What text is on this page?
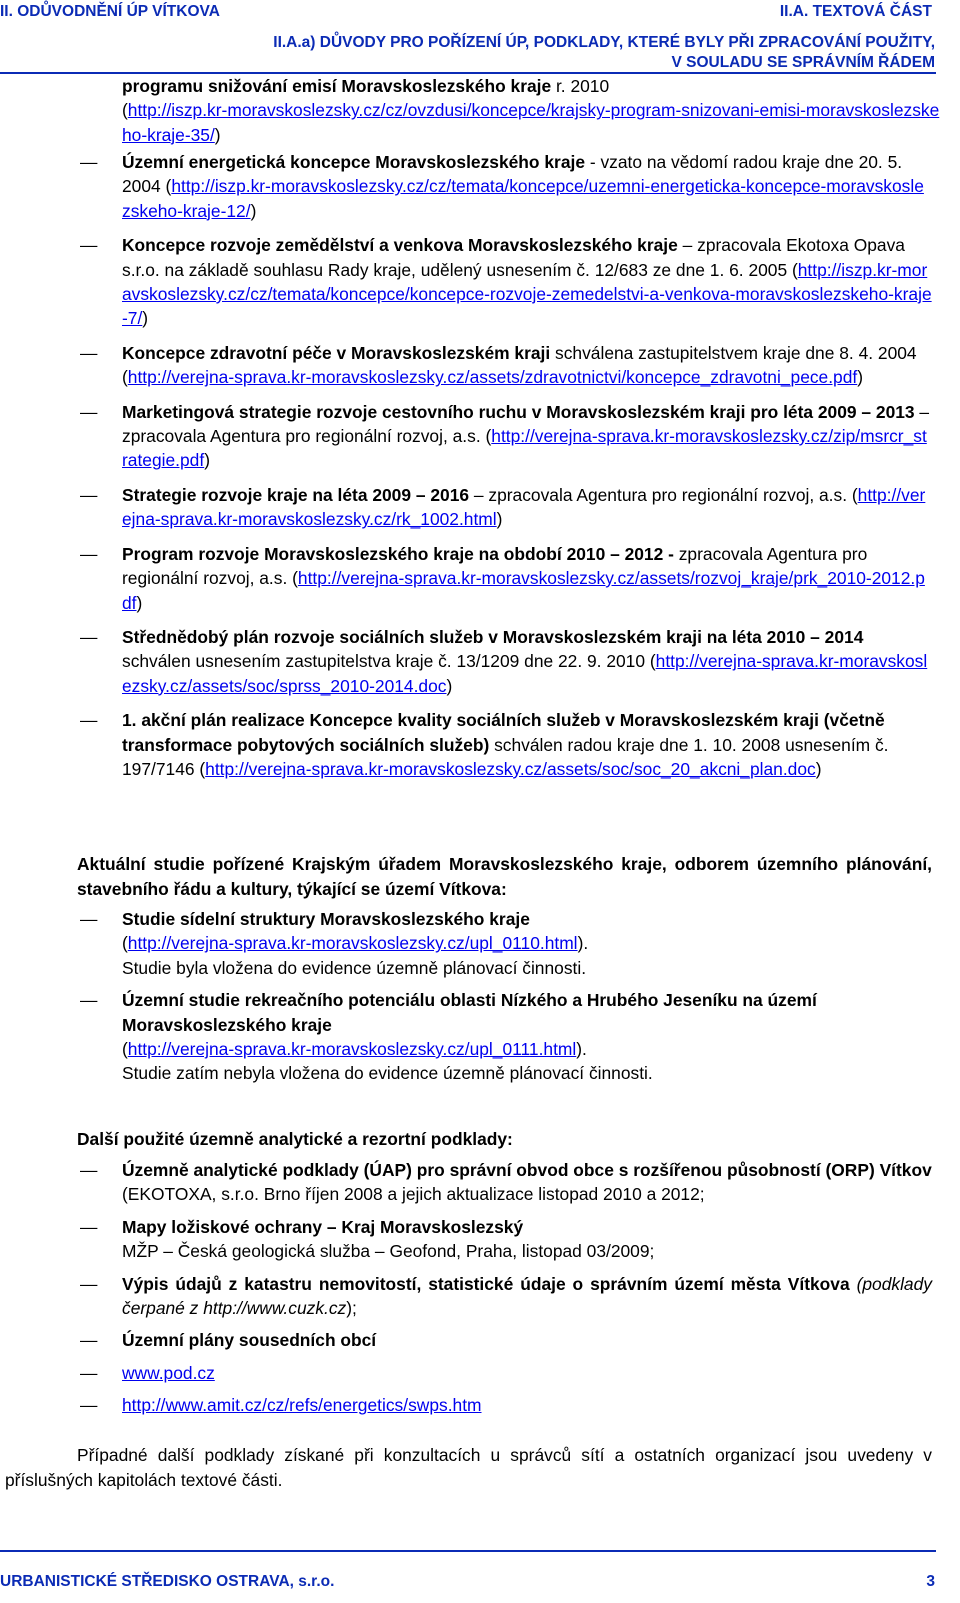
II. ODŮVODNĚNÍ ÚP VÍTKOVA	II.A. TEXTOVÁ ČÁST
II.A.a) DŮVODY PRO POŘÍZENÍ ÚP, PODKLADY, KTERÉ BYLY PŘI ZPRACOVÁNÍ POUŽITY,
V SOULADU SE SPRÁVNÍM ŘÁDEM
programu snižování emisí Moravskoslezského kraje r. 2010
(http://iszp.kr-moravskoslezsky.cz/cz/ovzdusi/koncepce/krajsky-program-snizovani-emisi-moravskoslezskeho-kraje-35/)
—	Územní energetická koncepce Moravskoslezského kraje - vzato na vědomí radou kraje dne 20. 5. 2004 (http://iszp.kr-moravskoslezsky.cz/cz/temata/koncepce/uzemni-energeticka-koncepce-moravskoslezskeho-kraje-12/)
—	Koncepce rozvoje zemědělství a venkova Moravskoslezského kraje – zpracovala Ekotoxa Opava s.r.o. na základě souhlasu Rady kraje, udělený usnesením č. 12/683 ze dne 1. 6. 2005 (http://iszp.kr-moravskoslezsky.cz/cz/temata/koncepce/koncepce-rozvoje-zemedelstvi-a-venkova-moravskoslezskeho-kraje-7/)
—	Koncepce zdravotní péče v Moravskoslezském kraji schválena zastupitelstvem kraje dne 8. 4. 2004 (http://verejna-sprava.kr-moravskoslezsky.cz/assets/zdravotnictvi/koncepce_zdravotni_pece.pdf)
—	Marketingová strategie rozvoje cestovního ruchu v Moravskoslezském kraji pro léta 2009 – 2013 – zpracovala Agentura pro regionální rozvoj, a.s. (http://verejna-sprava.kr-moravskoslezsky.cz/zip/msrcr_strategie.pdf)
—	Strategie rozvoje kraje na léta 2009 – 2016 – zpracovala Agentura pro regionální rozvoj, a.s. (http://verejna-sprava.kr-moravskoslezsky.cz/rk_1002.html)
—	Program rozvoje Moravskoslezského kraje na období 2010 – 2012 - zpracovala Agentura pro regionální rozvoj, a.s. (http://verejna-sprava.kr-moravskoslezsky.cz/assets/rozvoj_kraje/prk_2010-2012.pdf)
—	Střednědobý plán rozvoje sociálních služeb v Moravskoslezském kraji na léta 2010 – 2014 schválen usnesením zastupitelstva kraje č. 13/1209 dne 22. 9. 2010 (http://verejna-sprava.kr-moravskoslezsky.cz/assets/soc/sprss_2010-2014.doc)
—	1. akční plán realizace Koncepce kvality sociálních služeb v Moravskoslezském kraji (včetně transformace pobytových sociálních služeb) schválen radou kraje dne 1. 10. 2008 usnesením č. 197/7146 (http://verejna-sprava.kr-moravskoslezsky.cz/assets/soc/soc_20_akcni_plan.doc)
Aktuální studie pořízené Krajským úřadem Moravskoslezského kraje, odborem územního plánování, stavebního řádu a kultury, týkající se území Vítkova:
—	Studie sídelní struktury Moravskoslezského kraje
(http://verejna-sprava.kr-moravskoslezsky.cz/upl_0110.html).
Studie byla vložena do evidence územně plánovací činnosti.
—	Územní studie rekreačního potenciálu oblasti Nízkého a Hrubého Jeseníku na území Moravskoslezského kraje
(http://verejna-sprava.kr-moravskoslezsky.cz/upl_0111.html).
Studie zatím nebyla vložena do evidence územně plánovací činnosti.
Další použité územně analytické a rezortní podklady:
—	Územně analytické podklady (ÚAP) pro správní obvod obce s rozšířenou působností (ORP) Vítkov (EKOTOXA, s.r.o. Brno říjen 2008 a jejich aktualizace listopad 2010 a 2012;
—	Mapy ložiskové ochrany – Kraj Moravskoslezský
MŽP – Česká geologická služba – Geofond, Praha, listopad 03/2009;
—	Výpis údajů z katastru nemovitostí, statistické údaje o správním území města Vítkova (podklady čerpané z http://www.cuzk.cz);
—	Územní plány sousedních obcí
—	www.pod.cz
—	http://www.amit.cz/cz/refs/energetics/swps.htm
Případné další podklady získané při konzultacích u správců sítí a ostatních organizací jsou uvedeny v příslušných kapitolách textové části.
URBANISTICKÉ STŘEDISKO OSTRAVA, s.r.o.	3
